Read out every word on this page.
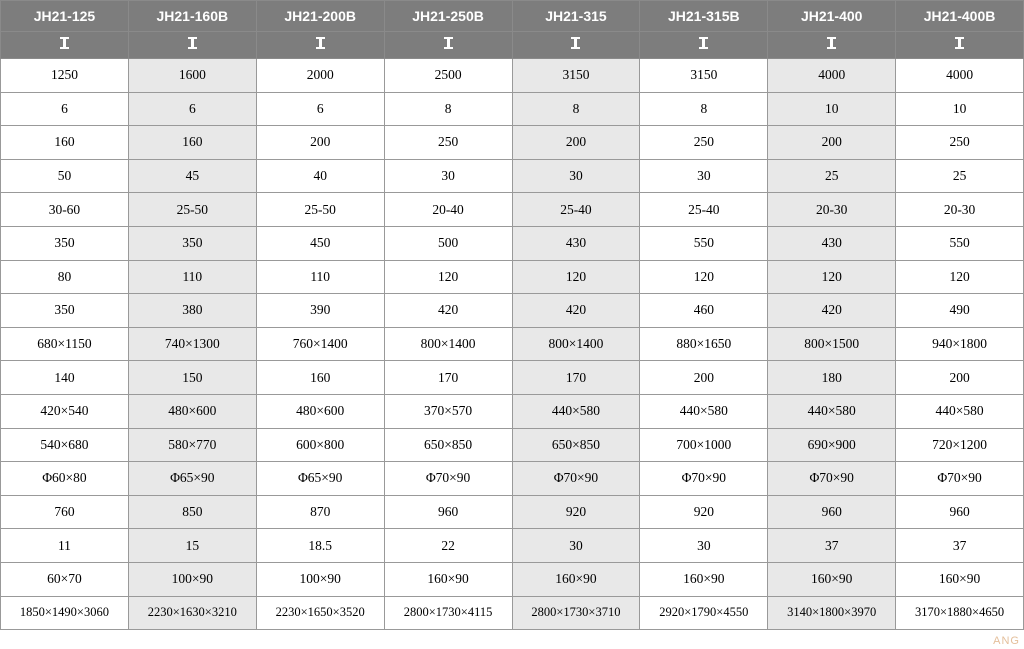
JH21-125	JH21-160B	JH21-200B	JH21-250B	JH21-315	JH21-315B	JH21-400	JH21-400B

1250	1600	2000	2500	3150	3150	4000	4000
6	6	6	8	8	8	10	10
160	160	200	250	200	250	200	250
50	45	40	30	30	30	25	25
30-60	25-50	25-50	20-40	25-40	25-40	20-30	20-30
350	350	450	500	430	550	430	550
80	110	110	120	120	120	120	120
350	380	390	420	420	460	420	490
680×1150	740×1300	760×1400	800×1400	800×1400	880×1650	800×1500	940×1800
140	150	160	170	170	200	180	200
420×540	480×600	480×600	370×570	440×580	440×580	440×580	440×580
540×680	580×770	600×800	650×850	650×850	700×1000	690×900	720×1200
Φ60×80	Φ65×90	Φ65×90	Φ70×90	Φ70×90	Φ70×90	Φ70×90	Φ70×90
760	850	870	960	920	920	960	960
11	15	18.5	22	30	30	37	37
60×70	100×90	100×90	160×90	160×90	160×90	160×90	160×90
1850×1490×3060	2230×1630×3210	2230×1650×3520	2800×1730×4115	2800×1730×3710	2920×1790×4550	3140×1800×3970	3170×1880×4650
ANG
